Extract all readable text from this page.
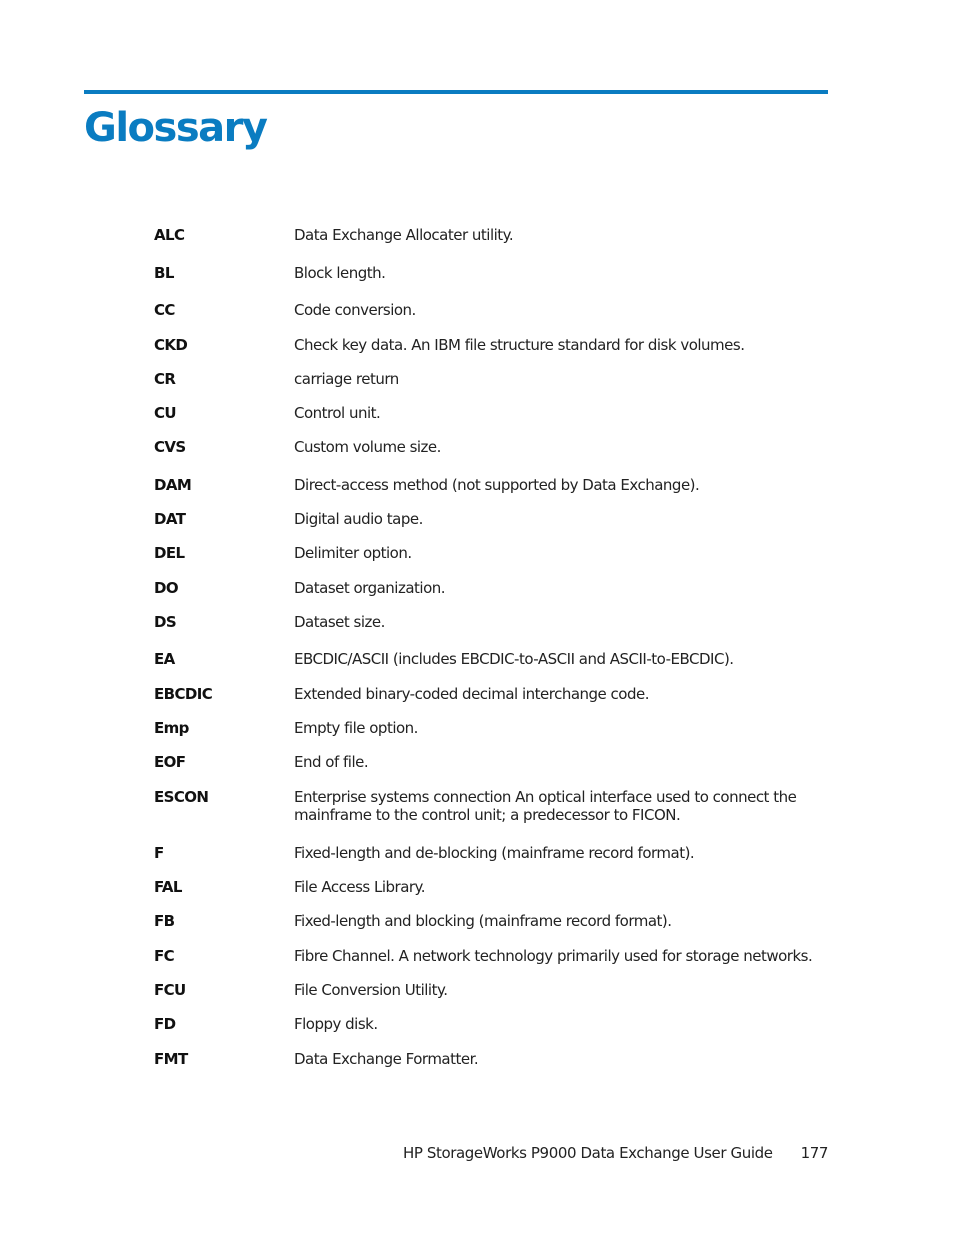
Glossary
ALC	Data Exchange Allocater utility.
BL	Block length.
CC	Code conversion.
CKD	Check key data. An IBM file structure standard for disk volumes.
CR	carriage return
CU	Control unit.
CVS	Custom volume size.
DAM	Direct-access method (not supported by Data Exchange).
DAT	Digital audio tape.
DEL	Delimiter option.
DO	Dataset organization.
DS	Dataset size.
EA	EBCDIC/ASCII (includes EBCDIC-to-ASCII and ASCII-to-EBCDIC).
EBCDIC	Extended binary-coded decimal interchange code.
Emp	Empty file option.
EOF	End of file.
ESCON	Enterprise systems connection An optical interface used to connect the mainframe to the control unit; a predecessor to FICON.
F	Fixed-length and de-blocking (mainframe record format).
FAL	File Access Library.
FB	Fixed-length and blocking (mainframe record format).
FC	Fibre Channel. A network technology primarily used for storage networks.
FCU	File Conversion Utility.
FD	Floppy disk.
FMT	Data Exchange Formatter.
HP StorageWorks P9000 Data Exchange User Guide 177
